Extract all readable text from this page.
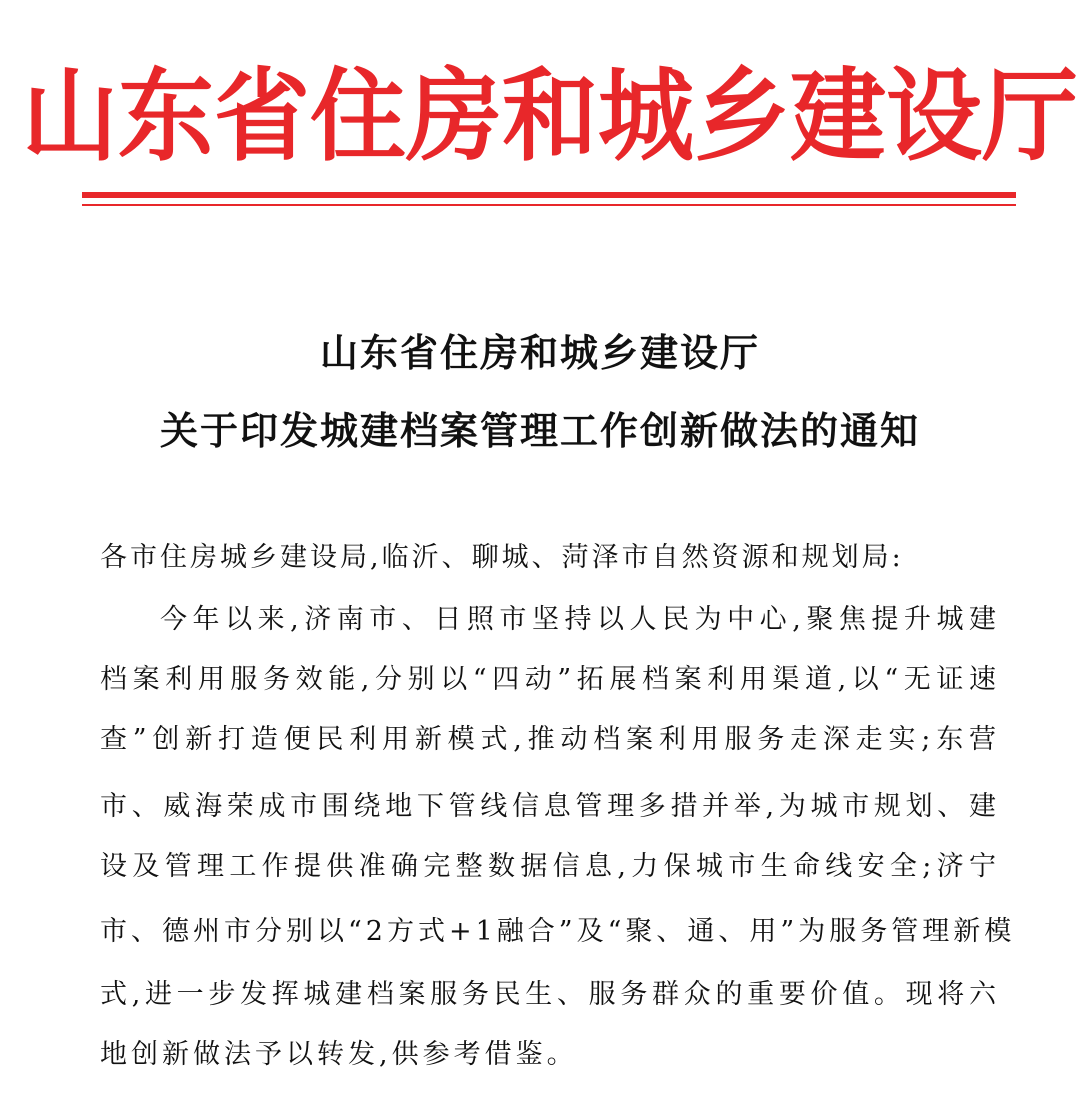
山东省住房和城乡建设厅
山东省住房和城乡建设厅
关于印发城建档案管理工作创新做法的通知
各市住房城乡建设局,临沂、聊城、菏泽市自然资源和规划局:
今年以来,济南市、日照市坚持以人民为中心,聚焦提升城建
档案利用服务效能,分别以“四动”拓展档案利用渠道,以“无证速
查”创新打造便民利用新模式,推动档案利用服务走深走实;东营
市、威海荣成市围绕地下管线信息管理多措并举,为城市规划、建
设及管理工作提供准确完整数据信息,力保城市生命线安全;济宁
市、德州市分别以“2方式+1融合”及“聚、通、用”为服务管理新模
式,进一步发挥城建档案服务民生、服务群众的重要价值。现将六
地创新做法予以转发,供参考借鉴。
